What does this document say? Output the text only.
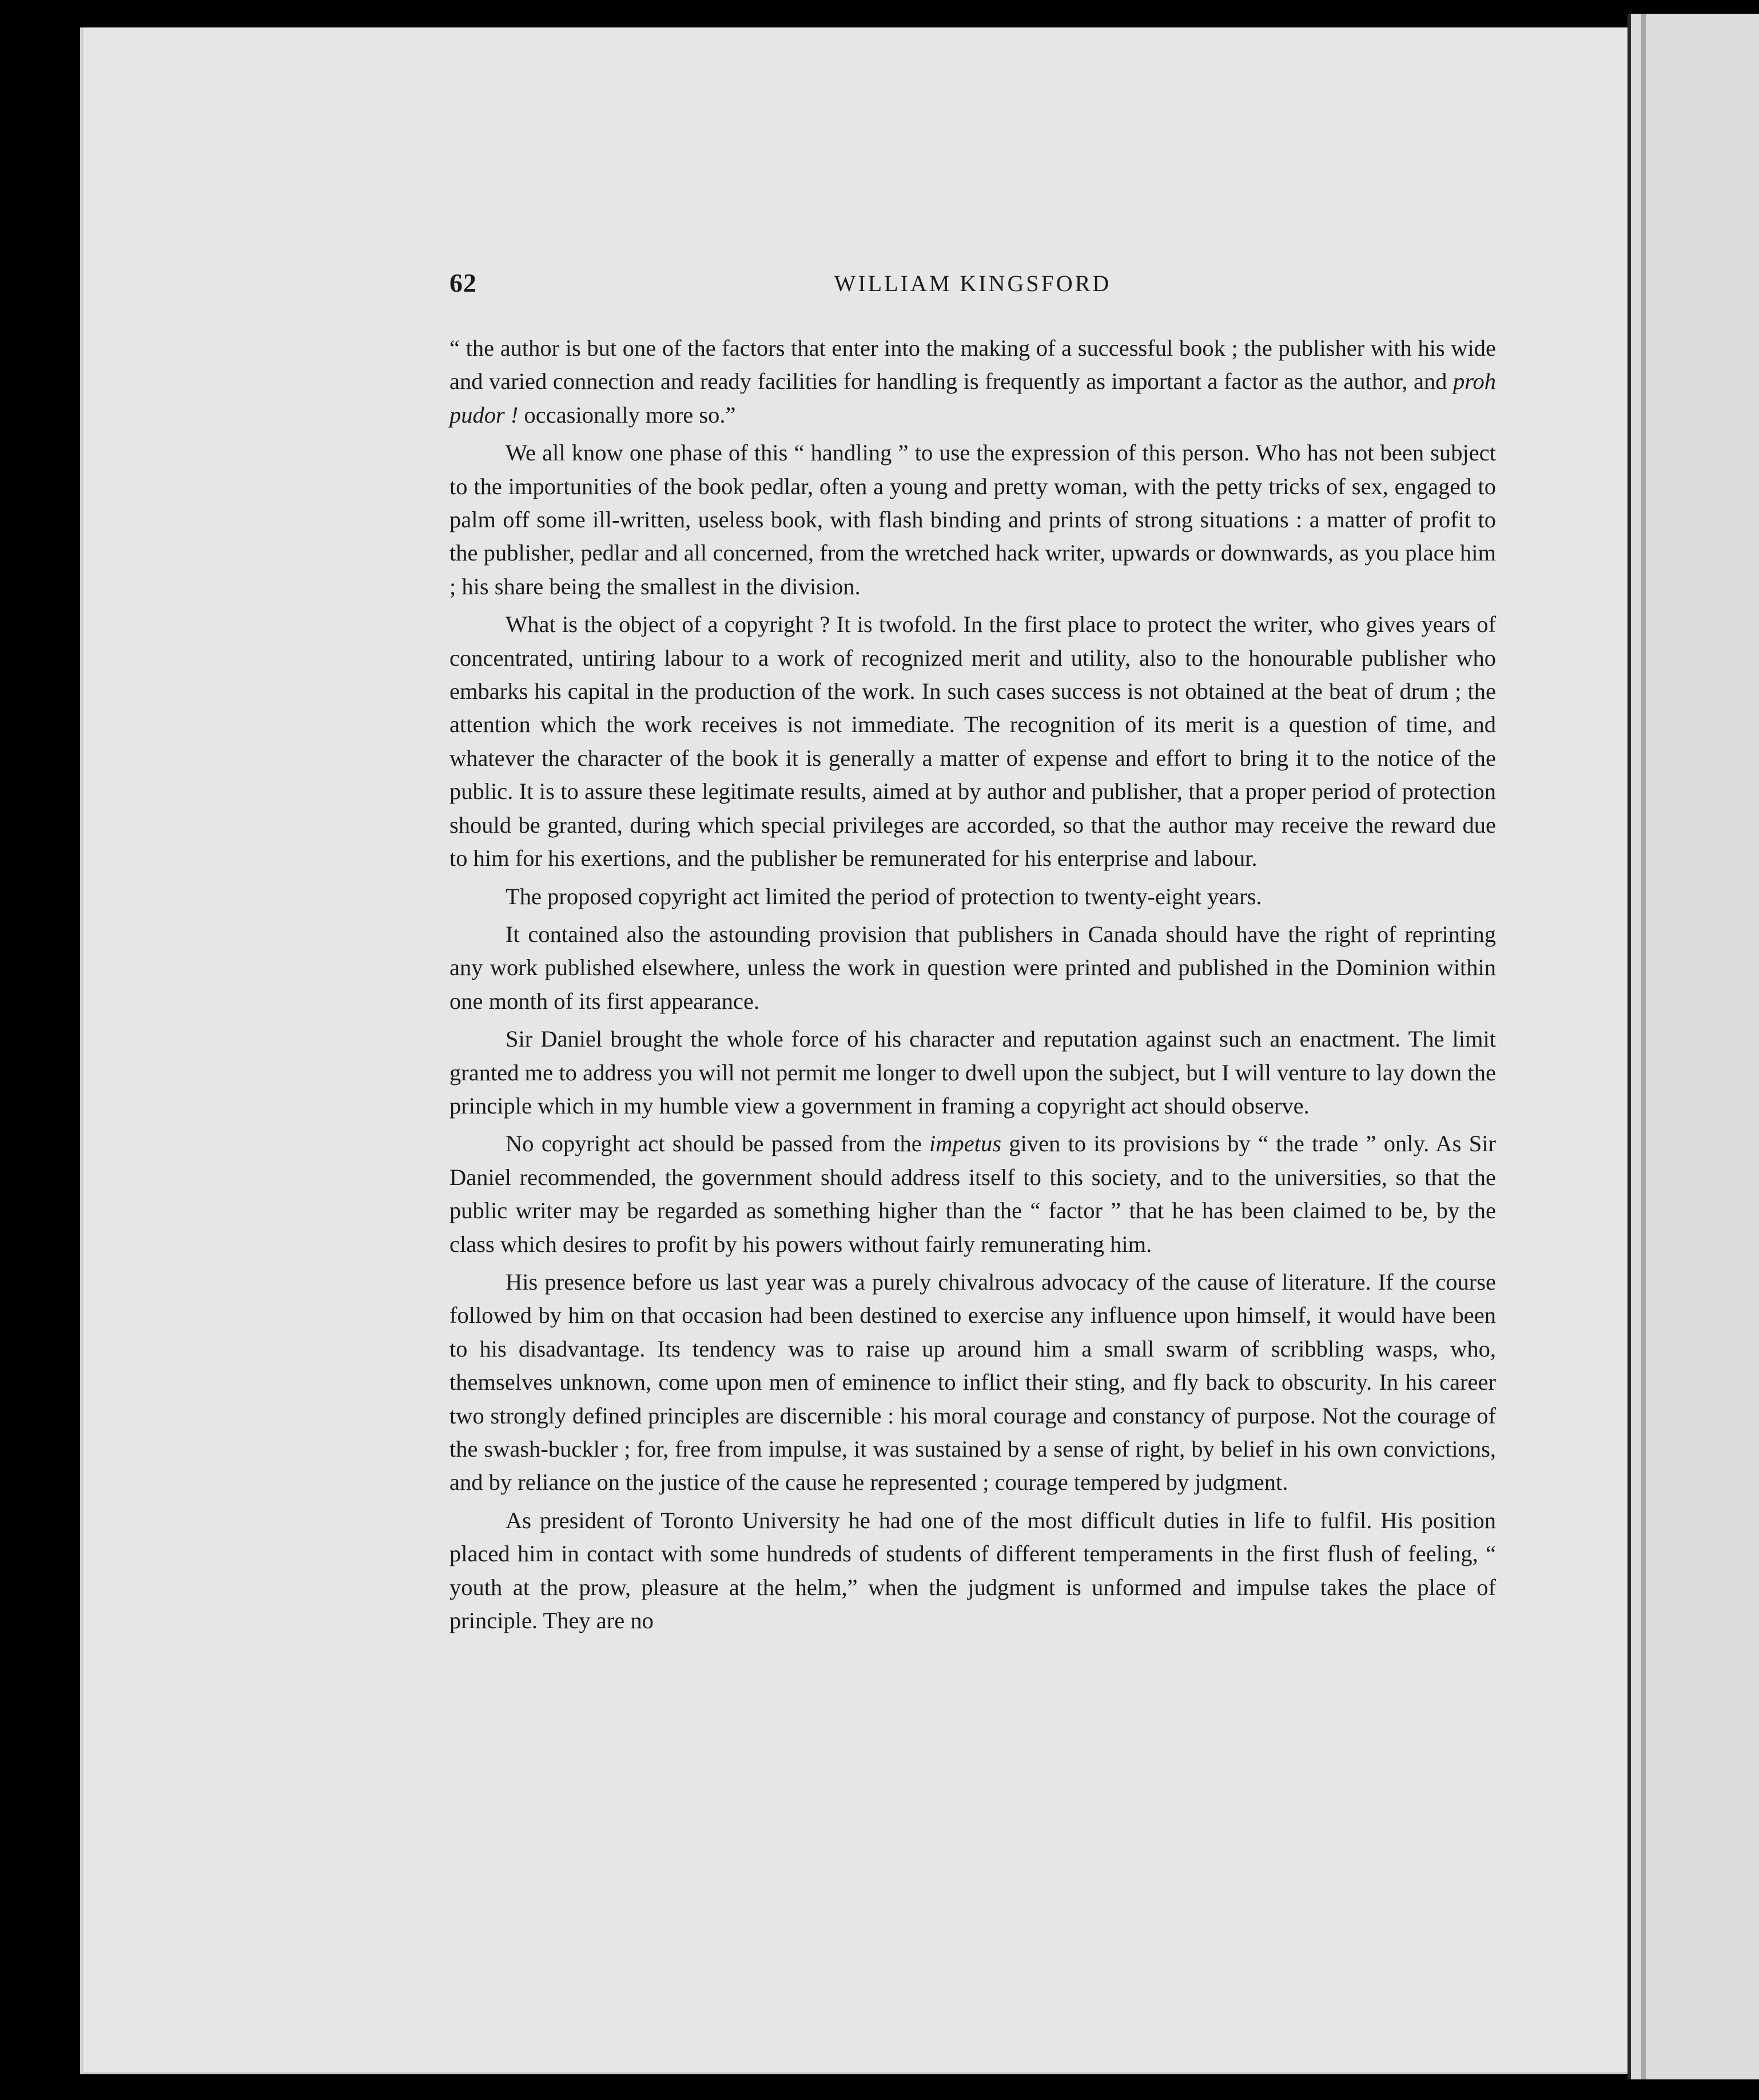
62	WILLIAM KINGSFORD

“ the author is but one of the factors that enter into the making of a successful book ; the publisher with his wide and varied connection and ready facilities for handling is frequently as important a factor as the author, and proh pudor ! occasionally more so.”

We all know one phase of this “ handling ” to use the expression of this person. Who has not been subject to the importunities of the book pedlar, often a young and pretty woman, with the petty tricks of sex, engaged to palm off some ill-written, useless book, with flash binding and prints of strong situations : a matter of profit to the publisher, pedlar and all concerned, from the wretched hack writer, upwards or downwards, as you place him ; his share being the smallest in the division.

What is the object of a copyright ? It is twofold. In the first place to protect the writer, who gives years of concentrated, untiring labour to a work of recognized merit and utility, also to the honourable publisher who embarks his capital in the production of the work. In such cases success is not obtained at the beat of drum ; the attention which the work receives is not immediate. The recognition of its merit is a question of time, and whatever the character of the book it is generally a matter of expense and effort to bring it to the notice of the public. It is to assure these legitimate results, aimed at by author and publisher, that a proper period of protection should be granted, during which special privileges are accorded, so that the author may receive the reward due to him for his exertions, and the publisher be remunerated for his enterprise and labour.

The proposed copyright act limited the period of protection to twenty-eight years.

It contained also the astounding provision that publishers in Canada should have the right of reprinting any work published elsewhere, unless the work in question were printed and published in the Dominion within one month of its first appearance.

Sir Daniel brought the whole force of his character and reputation against such an enactment. The limit granted me to address you will not permit me longer to dwell upon the subject, but I will venture to lay down the principle which in my humble view a government in framing a copyright act should observe.

No copyright act should be passed from the impetus given to its provisions by “ the trade ” only. As Sir Daniel recommended, the government should address itself to this society, and to the universities, so that the public writer may be regarded as something higher than the “ factor ” that he has been claimed to be, by the class which desires to profit by his powers without fairly remunerating him.

His presence before us last year was a purely chivalrous advocacy of the cause of literature. If the course followed by him on that occasion had been destined to exercise any influence upon himself, it would have been to his disadvantage. Its tendency was to raise up around him a small swarm of scribbling wasps, who, themselves unknown, come upon men of eminence to inflict their sting, and fly back to obscurity. In his career two strongly defined principles are discernible : his moral courage and constancy of purpose. Not the courage of the swash-buckler ; for, free from impulse, it was sustained by a sense of right, by belief in his own convictions, and by reliance on the justice of the cause he represented ; courage tempered by judgment.

As president of Toronto University he had one of the most difficult duties in life to fulfil. His position placed him in contact with some hundreds of students of different temperaments in the first flush of feeling, “ youth at the prow, pleasure at the helm,” when the judgment is unformed and impulse takes the place of principle. They are no
